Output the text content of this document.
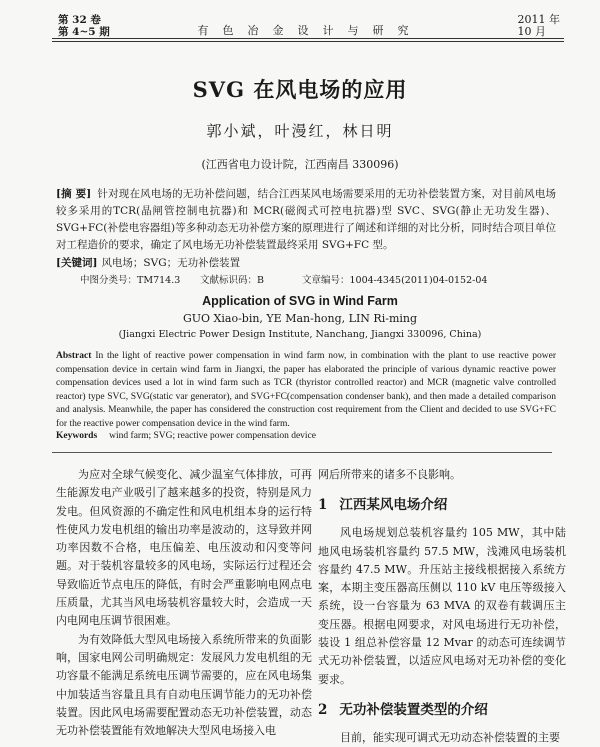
第 32 卷
第 4~5 期	有色冶金设计与研究
2011 年
10 月
SVG 在风电场的应用
郭小斌，叶漫红，林日明
(江西省电力设计院，江西南昌 330096)
[摘 要] 针对现在风电场的无功补偿问题，结合江西某风电场需要采用的无功补偿装置方案，对目前风电场较多采用的TCR(晶闸管控制电抗器)和 MCR(磁阀式可控电抗器)型 SVC、SVG(静止无功发生器)、SVG+FC(补偿电容器组)等多种动态无功补偿方案的原理进行了阐述和详细的对比分析，同时结合项目单位对工程造价的要求，确定了风电场无功补偿装置最终采用 SVG+FC 型。
[关键词] 风电场；SVG；无功补偿装置
中图分类号：TM714.3 文献标识码：B	文章编号：1004-4345(2011)04-0152-04
Application of SVG in Wind Farm
GUO Xiao-bin, YE Man-hong, LIN Ri-ming
(Jiangxi Electric Power Design Institute, Nanchang, Jiangxi 330096, China)
Abstract In the light of reactive power compensation in wind farm now, in combination with the plant to use reactive power compensation device in certain wind farm in Jiangxi, the paper has elaborated the principle of various dynamic reactive power compensation devices used a lot in wind farm such as TCR (thyristor controlled reactor) and MCR (magnetic valve controlled reactor) type SVC, SVG(static var generator), and SVG+FC(compensation condenser bank), and then made a detailed comparison and analysis. Meanwhile, the paper has considered the construction cost requirement from the Client and decided to use SVG+FC for the reactive power compensation device in the wind farm.
Keywords wind farm; SVG; reactive power compensation device

为应对全球气候变化、减少温室气体排放，可再生能源发电产业吸引了越来越多的投资，特别是风力发电。但风资源的不确定性和风电机组本身的运行特性使风力发电机组的输出功率是波动的，这导致并网功率因数不合格，电压偏差、电压波动和闪变等问题。对于装机容量较多的风电场，实际运行过程还会导致临近节点电压的降低，有时会严重影响电网点电压质量，尤其当风电场装机容量较大时，会造成一天内电网电压调节很困难。

为有效降低大型风电场接入系统所带来的负面影响，国家电网公司明确规定：发展风力发电机组的无功容量不能满足系统电压调节需要的，应在风电场集中加装适当容量且具有自动电压调节能力的无功补偿装置。因此风电场需要配置动态无功补偿装置，动态无功补偿装置能有效地解决大型风电场接入电

网后所带来的诸多不良影响。

1 江西某风电场介绍

风电场规划总装机容量约 105 MW，其中陆地风电场装机容量约 57.5 MW，浅滩风电场装机容量约 47.5 MW。升压站主接线根据接入系统方案，本期主变压器高压侧以 110 kV 电压等级接入系统，设一台容量为 63 MVA 的双卷有载调压主变压器。根据电网要求，对风电场进行无功补偿，装设 1 组总补偿容量 12 Mvar 的动态可连续调节式无功补偿装置，以适应风电场对无功补偿的变化要求。

2 无功补偿装置类型的介绍

目前，能实现可调式无功动态补偿装置的主要
